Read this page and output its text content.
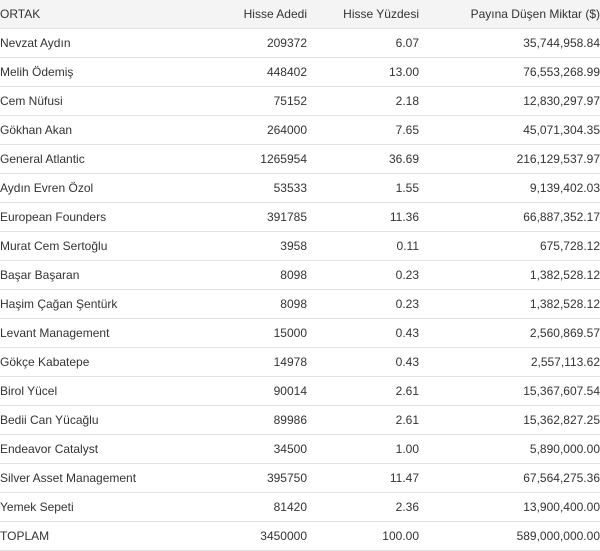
ORTAK	Hisse Adedi	Hisse Yüzdesi	Payına Düşen Miktar ($)
Nevzat Aydın	209372	6.07	35,744,958.84
Melih Ödemiş	448402	13.00	76,553,268.99
Cem Nüfusi	75152	2.18	12,830,297.97
Gökhan Akan	264000	7.65	45,071,304.35
General Atlantic	1265954	36.69	216,129,537.97
Aydın Evren Özol	53533	1.55	9,139,402.03
European Founders	391785	11.36	66,887,352.17
Murat Cem Sertoğlu	3958	0.11	675,728.12
Başar Başaran	8098	0.23	1,382,528.12
Haşim Çağan Şentürk	8098	0.23	1,382,528.12
Levant Management	15000	0.43	2,560,869.57
Gökçe Kabatepe	14978	0.43	2,557,113.62
Birol Yücel	90014	2.61	15,367,607.54
Bedii Can Yücağlu	89986	2.61	15,362,827.25
Endeavor Catalyst	34500	1.00	5,890,000.00
Silver Asset Management	395750	11.47	67,564,275.36
Yemek Sepeti	81420	2.36	13,900,400.00
TOPLAM	3450000	100.00	589,000,000.00
